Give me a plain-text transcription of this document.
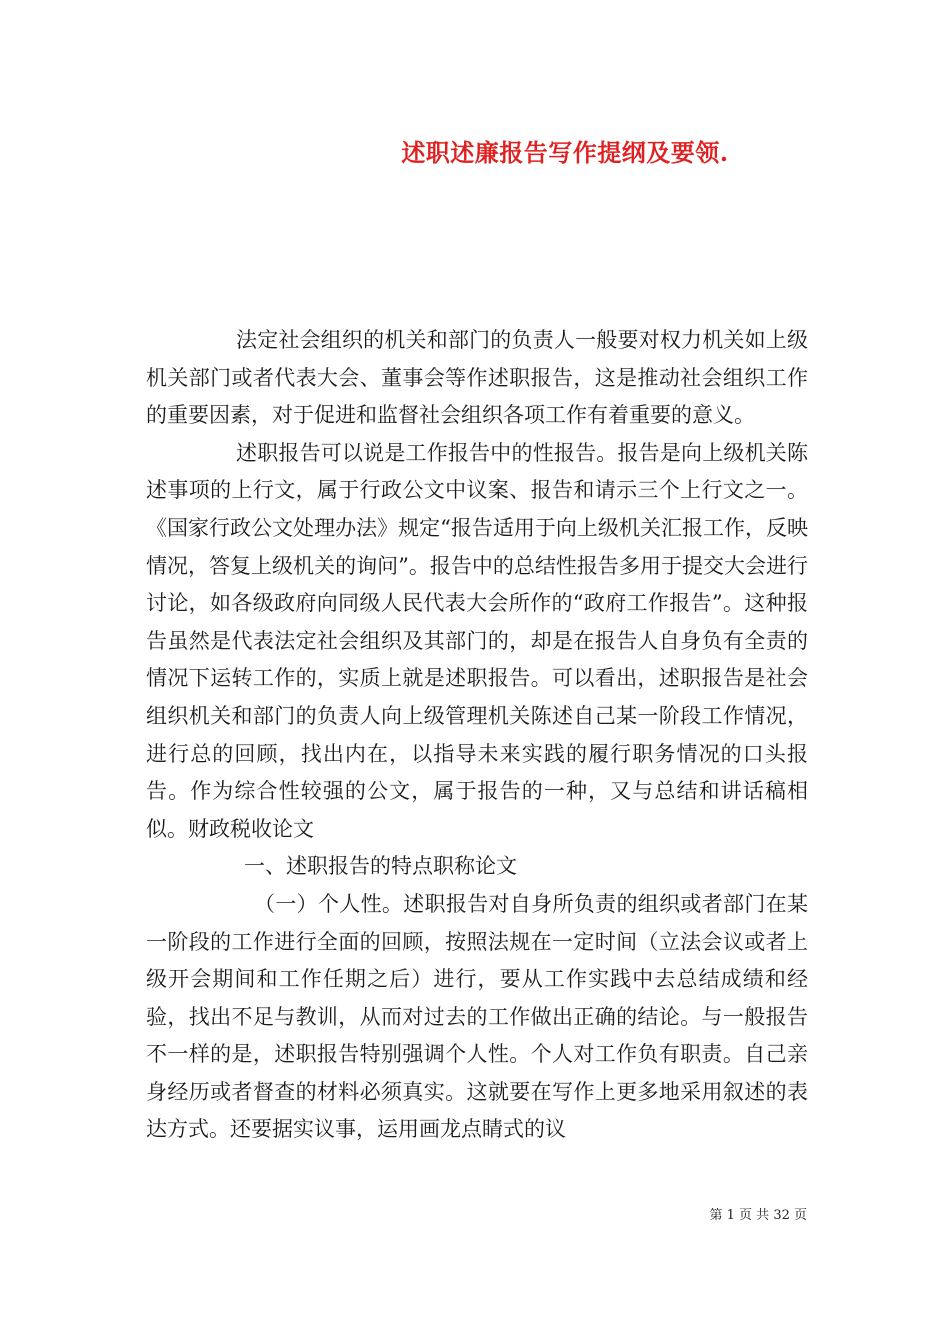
述职述廉报告写作提纲及要领.

法定社会组织的机关和部门的负责人一般要对权力机关如上级机关部门或者代表大会、董事会等作述职报告，这是推动社会组织工作的重要因素，对于促进和监督社会组织各项工作有着重要的意义。

述职报告可以说是工作报告中的性报告。报告是向上级机关陈述事项的上行文，属于行政公文中议案、报告和请示三个上行文之一。《国家行政公文处理办法》规定“报告适用于向上级机关汇报工作，反映情况，答复上级机关的询问”。报告中的总结性报告多用于提交大会进行讨论，如各级政府向同级人民代表大会所作的“政府工作报告”。这种报告虽然是代表法定社会组织及其部门的，却是在报告人自身负有全责的情况下运转工作的，实质上就是述职报告。可以看出，述职报告是社会组织机关和部门的负责人向上级管理机关陈述自己某一阶段工作情况，进行总的回顾，找出内在，以指导未来实践的履行职务情况的口头报告。作为综合性较强的公文，属于报告的一种，又与总结和讲话稿相似。财政税收论文

一、述职报告的特点职称论文

（一）个人性。述职报告对自身所负责的组织或者部门在某一阶段的工作进行全面的回顾，按照法规在一定时间（立法会议或者上级开会期间和工作任期之后）进行，要从工作实践中去总结成绩和经验，找出不足与教训，从而对过去的工作做出正确的结论。与一般报告不一样的是，述职报告特别强调个人性。个人对工作负有职责。自己亲身经历或者督查的材料必须真实。这就要在写作上更多地采用叙述的表达方式。还要据实议事，运用画龙点睛式的议

第 1 页 共 32 页
